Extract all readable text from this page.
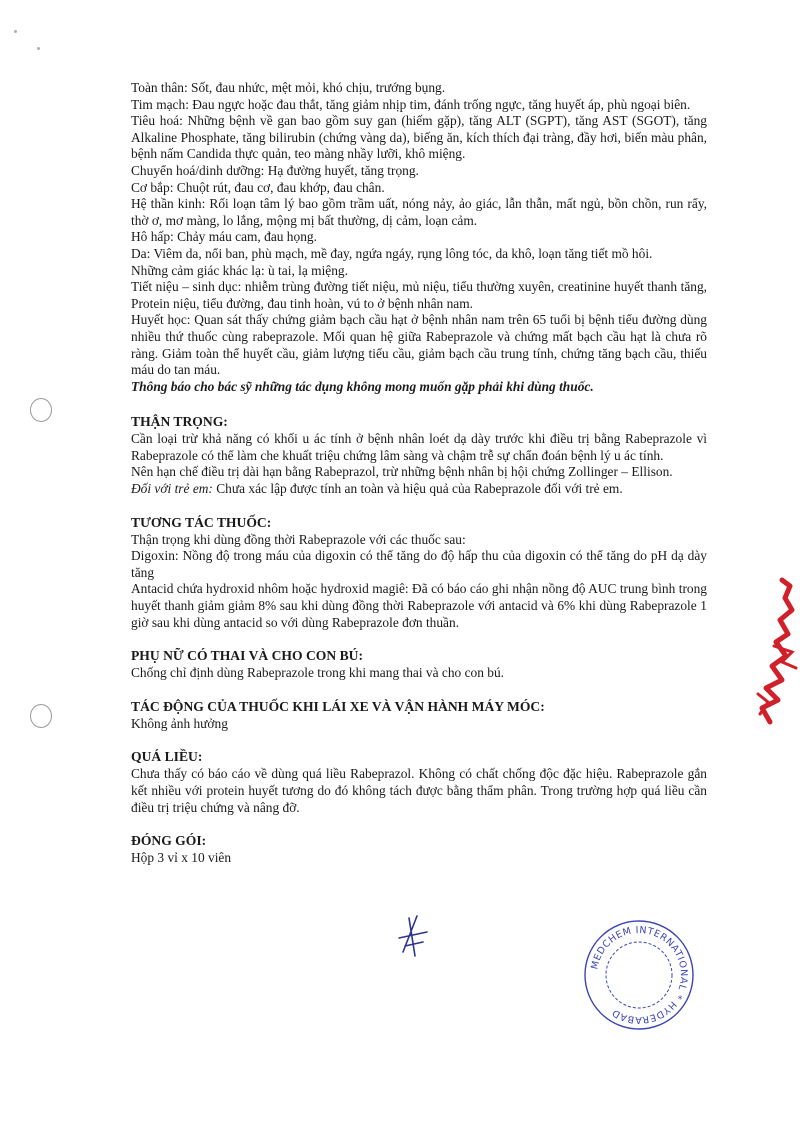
Toàn thân: Sốt, đau nhức, mệt mỏi, khó chịu, trướng bụng.

Tim mạch: Đau ngực hoặc đau thắt, tăng giảm nhịp tim, đánh trống ngực, tăng huyết áp, phù ngoại biên.

Tiêu hoá: Những bệnh về gan bao gồm suy gan (hiếm gặp), tăng ALT (SGPT), tăng AST (SGOT), tăng Alkaline Phosphate, tăng bilirubin (chứng vàng da), biếng ăn, kích thích đại tràng, đầy hơi, biến màu phân, bệnh nấm Candida thực quản, teo màng nhầy lưỡi, khô miệng.

Chuyển hoá/dinh dưỡng: Hạ đường huyết, tăng trọng.

Cơ bắp: Chuột rút, đau cơ, đau khớp, đau chân.

Hệ thần kinh: Rối loạn tâm lý bao gồm trầm uất, nóng nảy, ảo giác, lẫn thẫn, mất ngủ, bồn chồn, run rẩy, thờ ơ, mơ màng, lo lắng, mộng mị bất thường, dị cảm, loạn cảm.

Hô hấp: Chảy máu cam, đau họng.

Da: Viêm da, nổi ban, phù mạch, mề đay, ngứa ngáy, rụng lông tóc, da khô, loạn tăng tiết mồ hôi.

Những cảm giác khác lạ: ù tai, lạ miệng.

Tiết niệu – sinh dục: nhiễm trùng đường tiết niệu, mủ niệu, tiểu thường xuyên, creatinine huyết thanh tăng, Protein niệu, tiểu đường, đau tinh hoàn, vú to ở bệnh nhân nam.

Huyết học: Quan sát thấy chứng giảm bạch cầu hạt ở bệnh nhân nam trên 65 tuổi bị bệnh tiểu đường dùng nhiều thứ thuốc cùng rabeprazole. Mối quan hệ giữa Rabeprazole và chứng mất bạch cầu hạt là chưa rõ ràng. Giảm toàn thể huyết cầu, giảm lượng tiểu cầu, giảm bạch cầu trung tính, chứng tăng bạch cầu, thiếu máu do tan máu.

Thông báo cho bác sỹ những tác dụng không mong muốn gặp phải khi dùng thuốc.

THẬN TRỌNG:

Cần loại trừ khả năng có khối u ác tính ở bệnh nhân loét dạ dày trước khi điều trị bằng Rabeprazole vì Rabeprazole có thể làm che khuất triệu chứng lâm sàng và chậm trễ sự chẩn đoán bệnh lý u ác tính.

Nên hạn chế điều trị dài hạn bằng Rabeprazol, trừ những bệnh nhân bị hội chứng Zollinger – Ellison.

Đối với trẻ em: Chưa xác lập được tính an toàn và hiệu quả của Rabeprazole đối với trẻ em.

TƯƠNG TÁC THUỐC:

Thận trọng khi dùng đồng thời Rabeprazole với các thuốc sau:

Digoxin: Nồng độ trong máu của digoxin có thể tăng do độ hấp thu của digoxin có thể tăng do pH dạ dày tăng

Antacid chứa hydroxid nhôm hoặc hydroxid magiê: Đã có báo cáo ghi nhận nồng độ AUC trung bình trong huyết thanh giảm giảm 8% sau khi dùng đồng thời Rabeprazole với antacid và 6% khi dùng Rabeprazole 1 giờ sau khi dùng antacid so với dùng Rabeprazole đơn thuần.

PHỤ NỮ CÓ THAI VÀ CHO CON BÚ:

Chống chỉ định dùng Rabeprazole trong khi mang thai và cho con bú.

TÁC ĐỘNG CỦA THUỐC KHI LÁI XE VÀ VẬN HÀNH MÁY MÓC:

Không ảnh hưởng

QUÁ LIỀU:

Chưa thấy có báo cáo về dùng quá liều Rabeprazol. Không có chất chống độc đặc hiệu. Rabeprazole gắn kết nhiều với protein huyết tương do đó không tách được bằng thẩm phân. Trong trường hợp quá liều cần điều trị triệu chứng và nâng đỡ.

ĐÓNG GÓI:

Hộp 3 vỉ x 10 viên

MEDCHEM INTERNATIONAL * HYDERABAD
